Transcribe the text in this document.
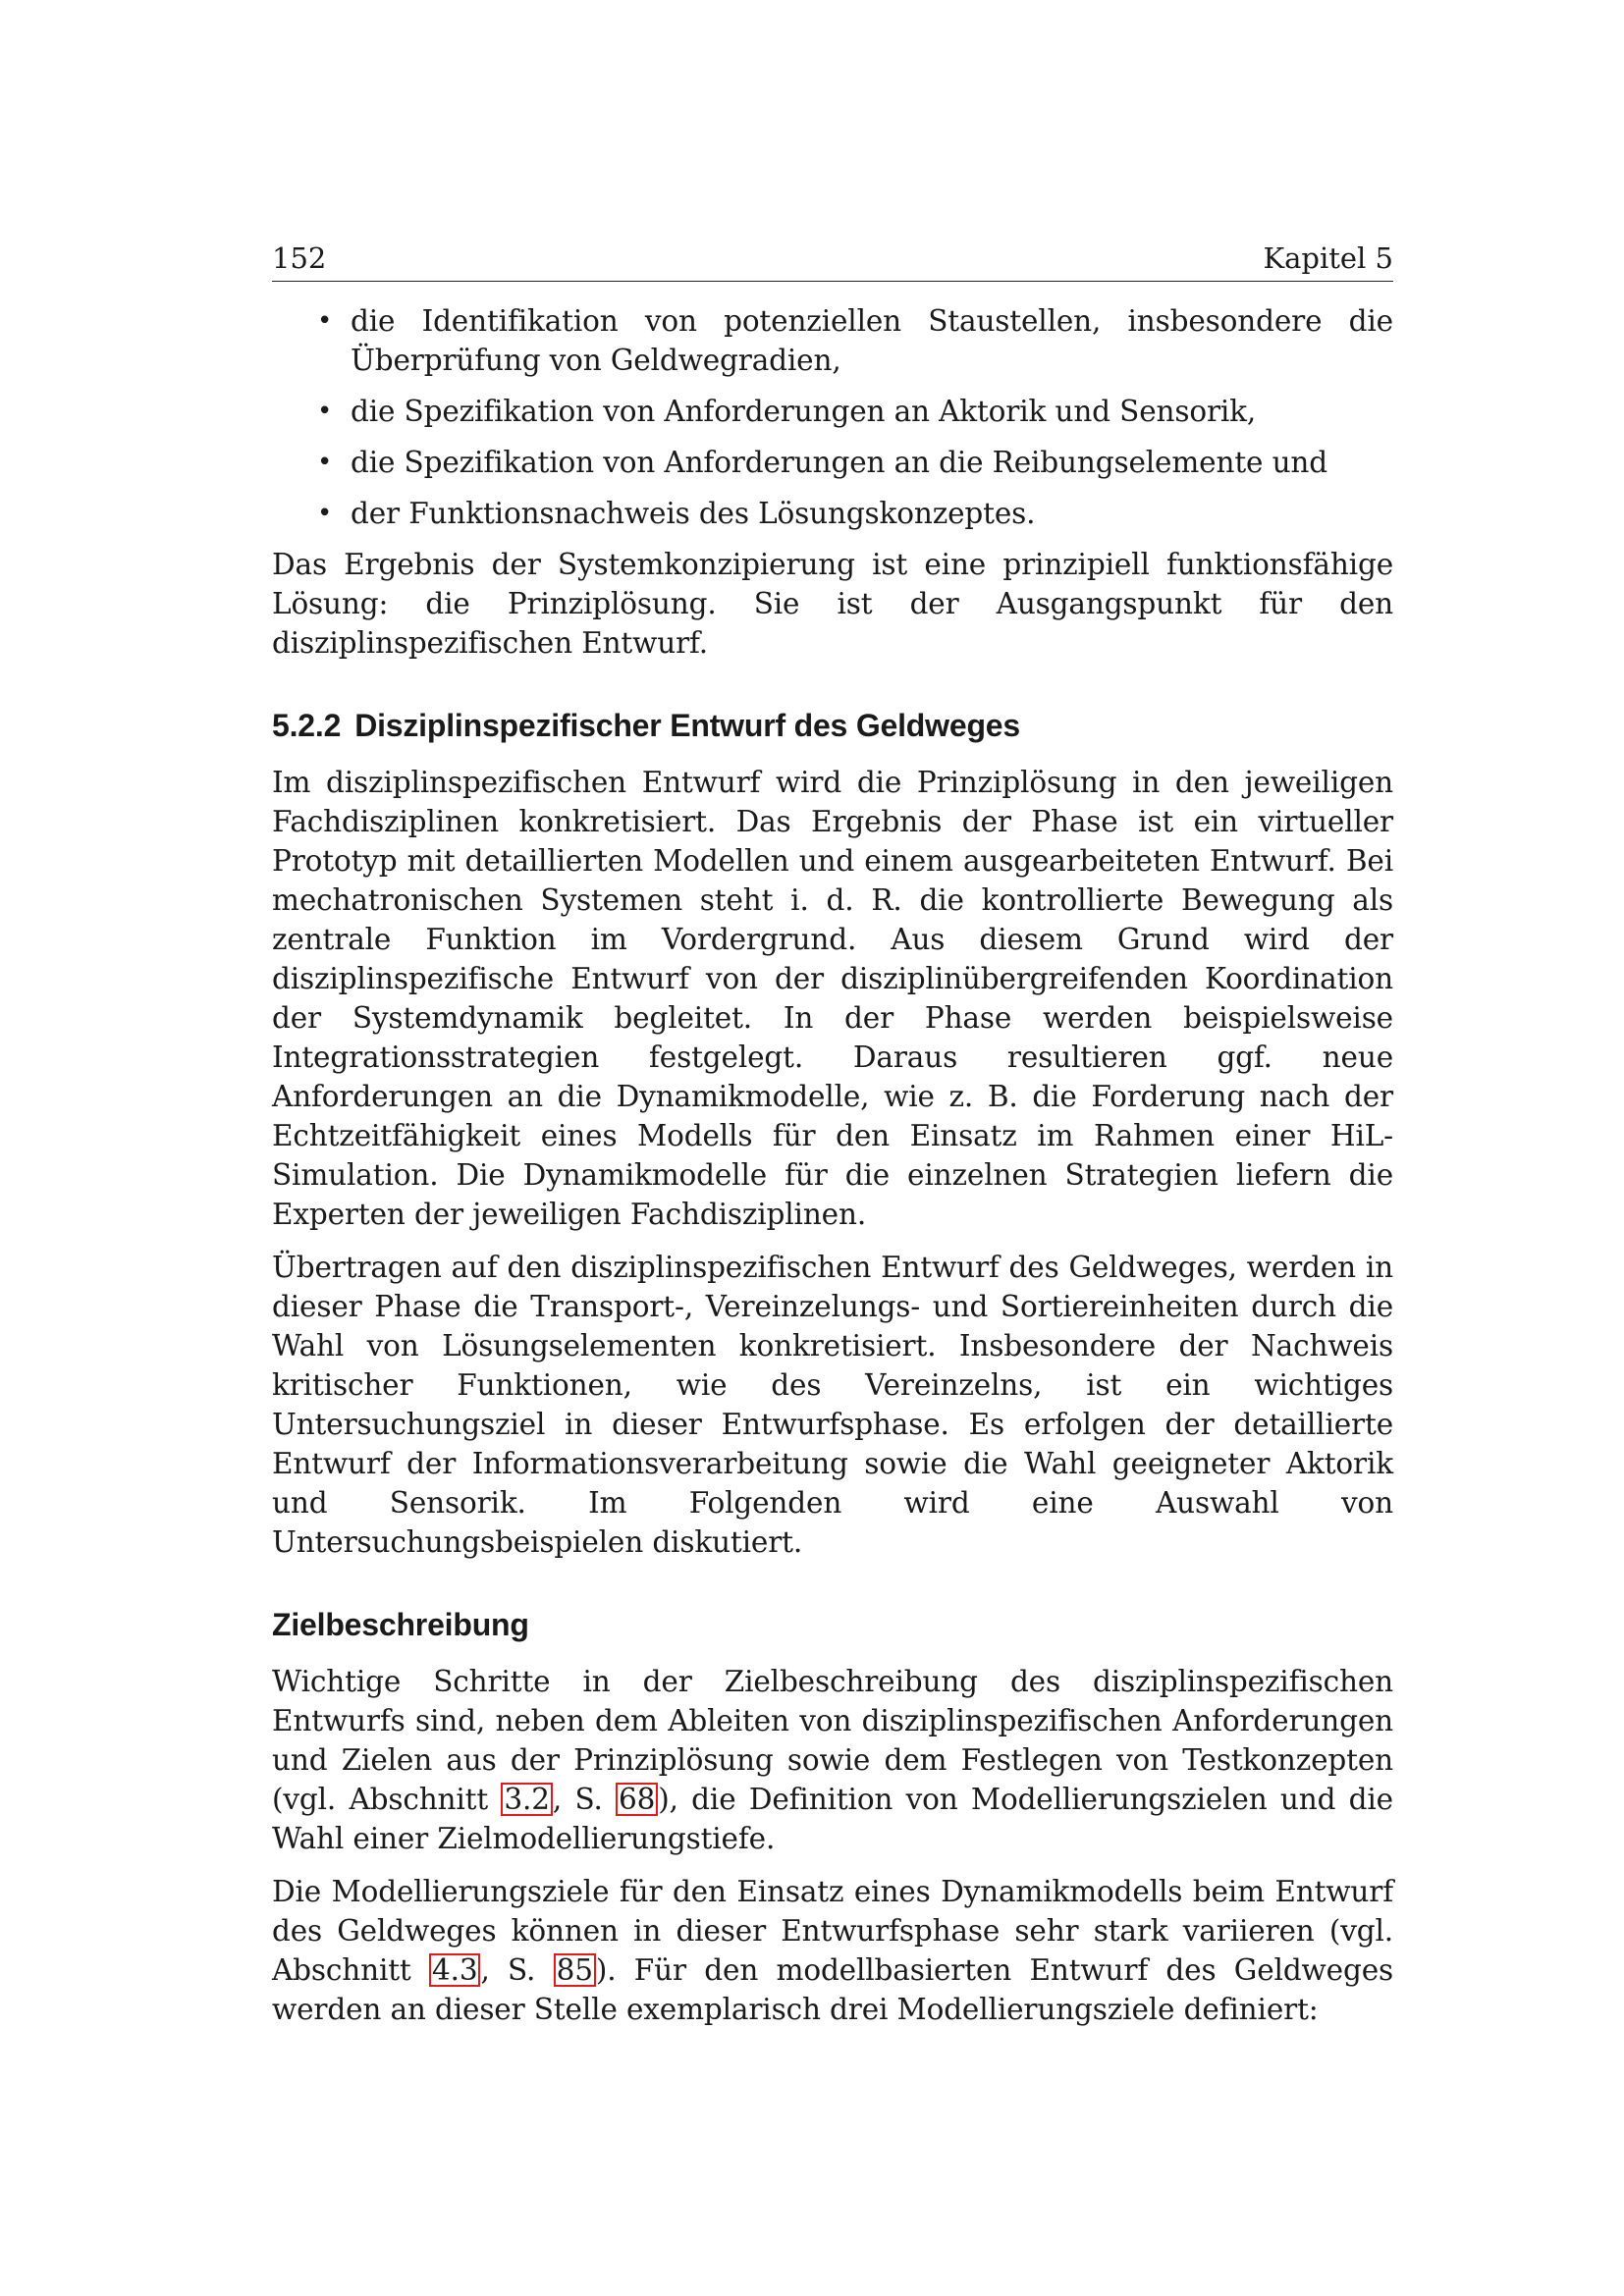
152	Kapitel 5
• die Identifikation von potenziellen Staustellen, insbesondere die Überprüfung von Geldwegradien,
• die Spezifikation von Anforderungen an Aktorik und Sensorik,
• die Spezifikation von Anforderungen an die Reibungselemente und
• der Funktionsnachweis des Lösungskonzeptes.

Das Ergebnis der Systemkonzipierung ist eine prinzipiell funktionsfähige Lösung: die Prinziplösung. Sie ist der Ausgangspunkt für den disziplinspezifischen Entwurf.

5.2.2 Disziplinspezifischer Entwurf des Geldweges

Im disziplinspezifischen Entwurf wird die Prinziplösung in den jeweiligen Fachdisziplinen konkretisiert. Das Ergebnis der Phase ist ein virtueller Prototyp mit detaillierten Modellen und einem ausgearbeiteten Entwurf. Bei mechatronischen Systemen steht i. d. R. die kontrollierte Bewegung als zentrale Funktion im Vordergrund. Aus diesem Grund wird der disziplinspezifische Entwurf von der disziplinübergreifenden Koordination der Systemdynamik begleitet. In der Phase werden beispielsweise Integrationsstrategien festgelegt. Daraus resultieren ggf. neue Anforderungen an die Dynamikmodelle, wie z. B. die Forderung nach der Echtzeitfähigkeit eines Modells für den Einsatz im Rahmen einer HiL-Simulation. Die Dynamikmodelle für die einzelnen Strategien liefern die Experten der jeweiligen Fachdisziplinen.

Übertragen auf den disziplinspezifischen Entwurf des Geldweges, werden in dieser Phase die Transport-, Vereinzelungs- und Sortiereinheiten durch die Wahl von Lösungselementen konkretisiert. Insbesondere der Nachweis kritischer Funktionen, wie des Vereinzelns, ist ein wichtiges Untersuchungsziel in dieser Entwurfsphase. Es erfolgen der detaillierte Entwurf der Informationsverarbeitung sowie die Wahl geeigneter Aktorik und Sensorik. Im Folgenden wird eine Auswahl von Untersuchungsbeispielen diskutiert.

Zielbeschreibung

Wichtige Schritte in der Zielbeschreibung des disziplinspezifischen Entwurfs sind, neben dem Ableiten von disziplinspezifischen Anforderungen und Zielen aus der Prinziplösung sowie dem Festlegen von Testkonzepten (vgl. Abschnitt 3.2 , S. 68 ), die Definition von Modellierungszielen und die Wahl einer Zielmodellierungstiefe.

Die Modellierungsziele für den Einsatz eines Dynamikmodells beim Entwurf des Geldweges können in dieser Entwurfsphase sehr stark variieren (vgl. Abschnitt 4.3 , S. 85 ). Für den modellbasierten Entwurf des Geldweges werden an dieser Stelle exemplarisch drei Modellierungsziele definiert:
